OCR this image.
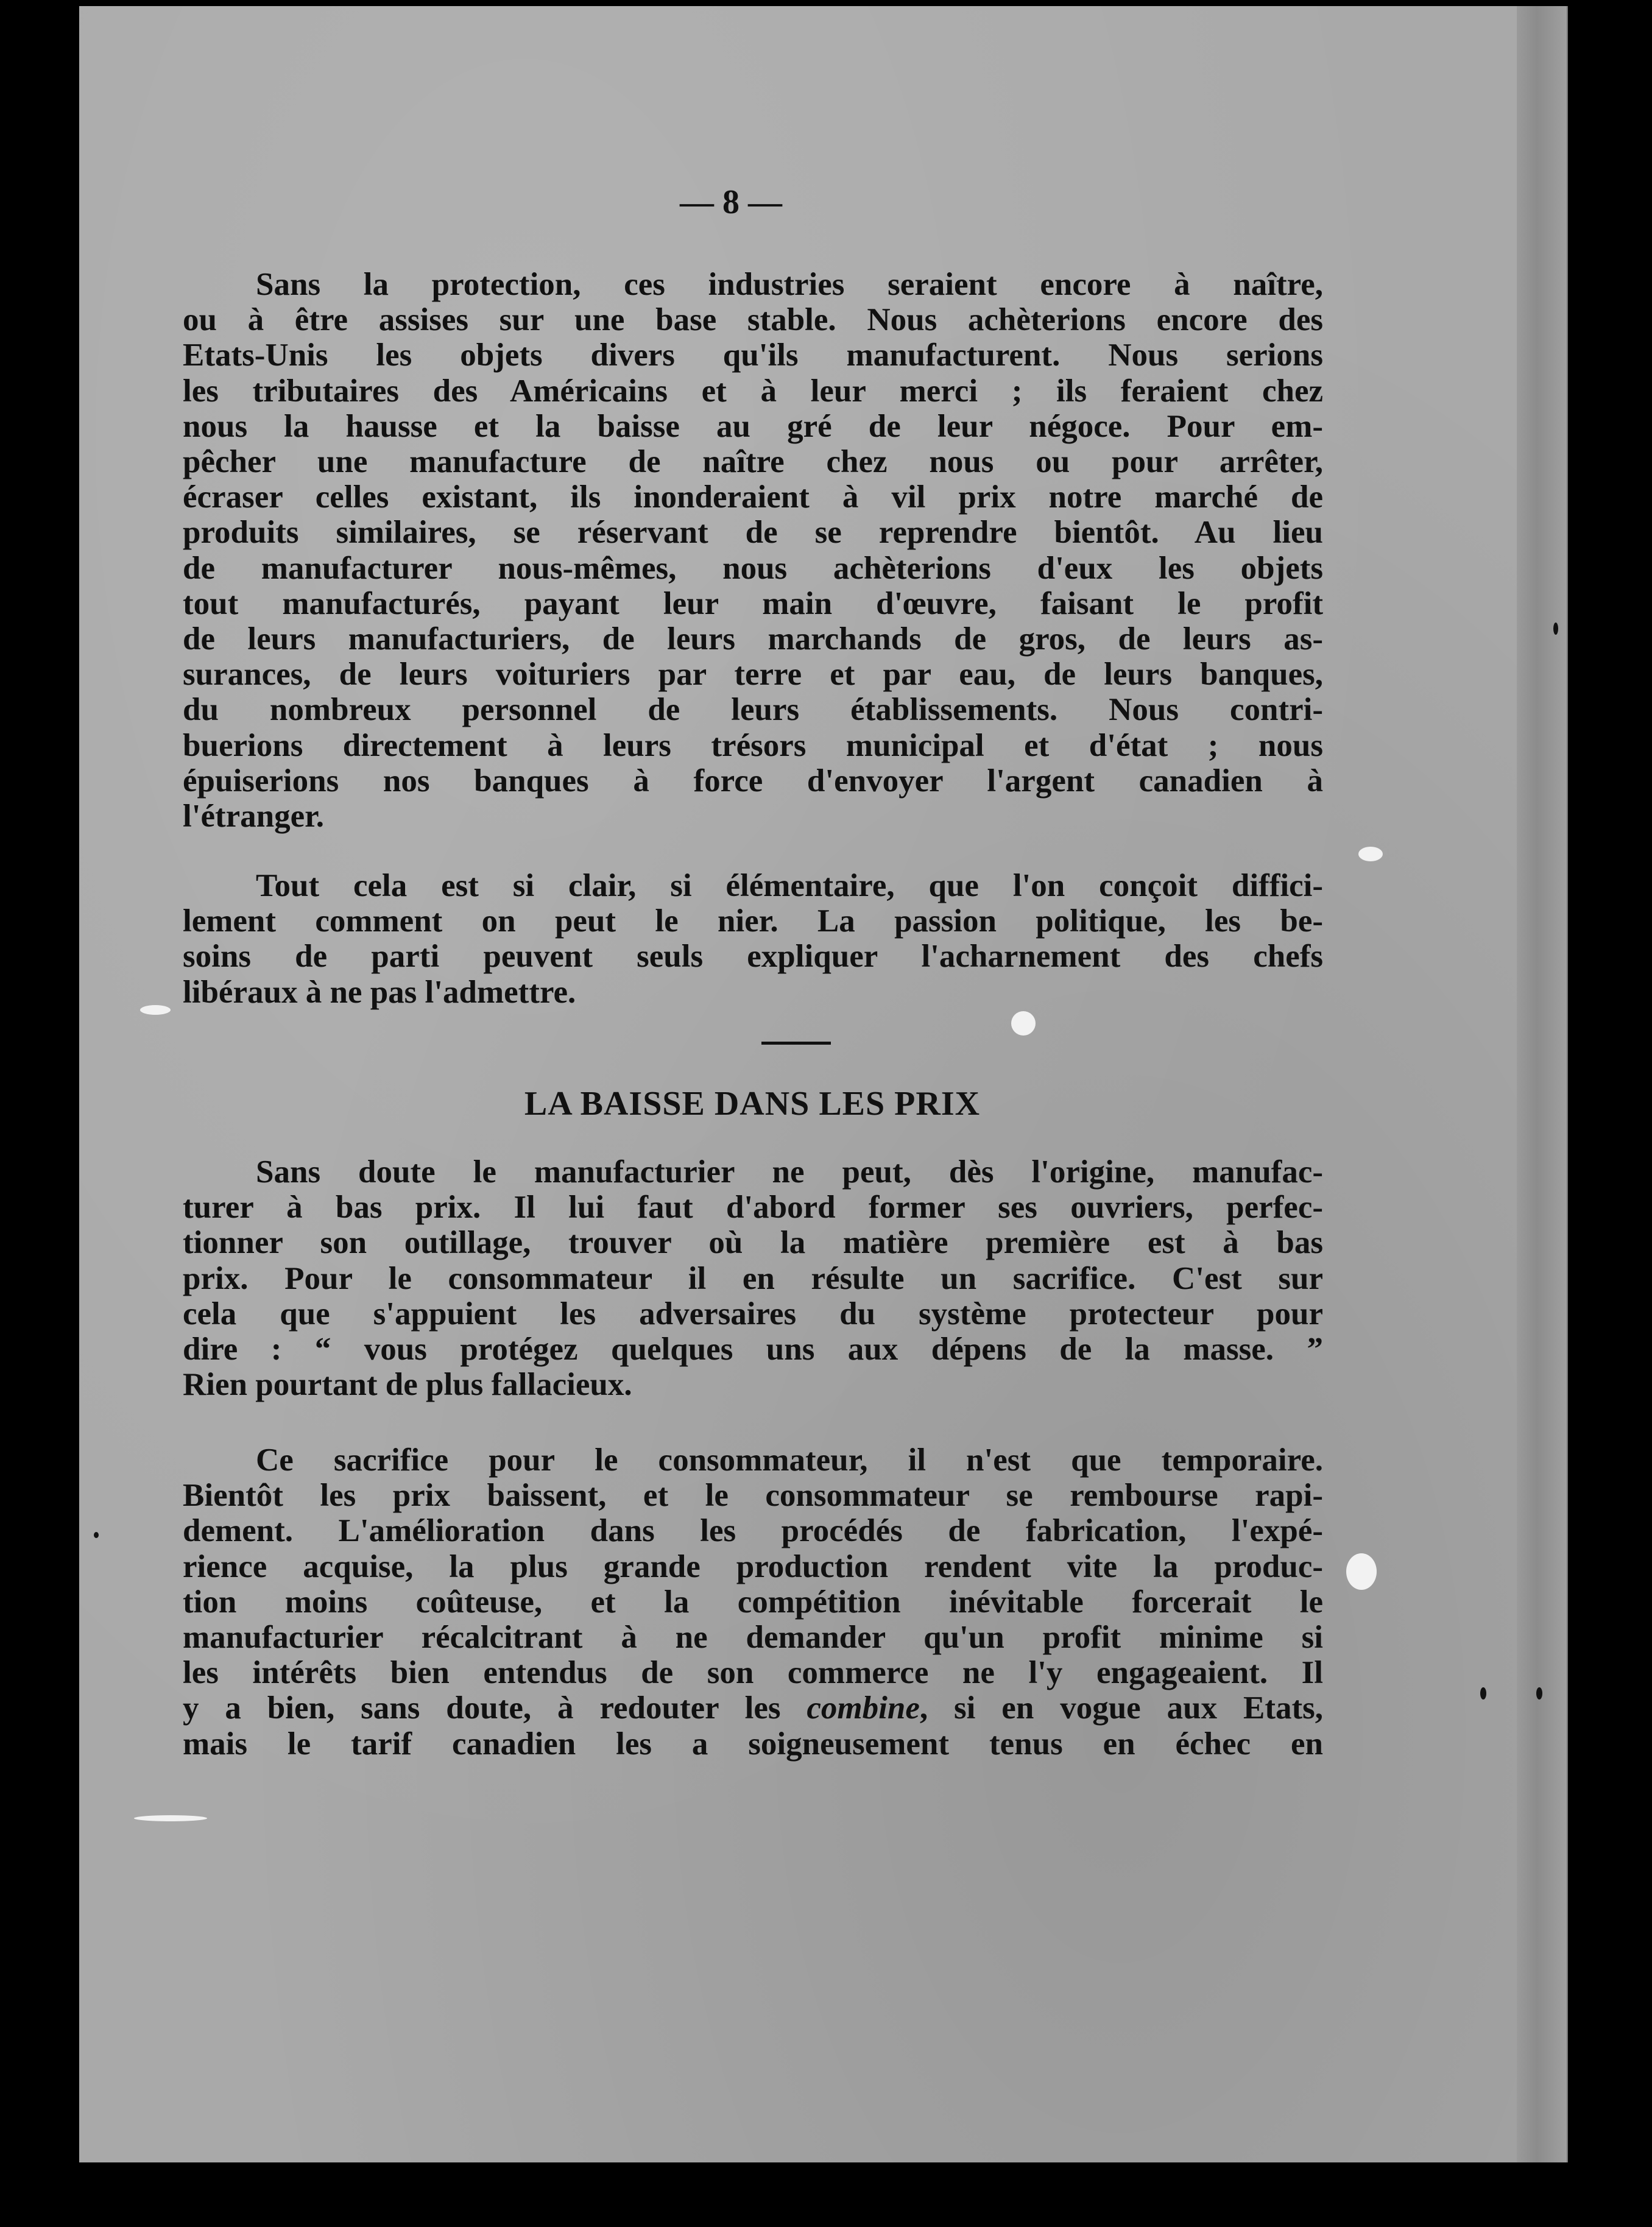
— 8 —

Sans la protection, ces industries seraient encore à naître,
ou à être assises sur une base stable. Nous achèterions encore des
Etats-Unis les objets divers qu'ils manufacturent. Nous serions
les tributaires des Américains et à leur merci ; ils feraient chez
nous la hausse et la baisse au gré de leur négoce. Pour em-
pêcher une manufacture de naître chez nous ou pour arrêter,
écraser celles existant, ils inonderaient à vil prix notre marché de
produits similaires, se réservant de se reprendre bientôt. Au lieu
de manufacturer nous-mêmes, nous achèterions d'eux les objets
tout manufacturés, payant leur main d'œuvre, faisant le profit
de leurs manufacturiers, de leurs marchands de gros, de leurs as-
surances, de leurs voituriers par terre et par eau, de leurs banques,
du nombreux personnel de leurs établissements. Nous contri-
buerions directement à leurs trésors municipal et d'état ; nous
épuiserions nos banques à force d'envoyer l'argent canadien à
l'étranger.

Tout cela est si clair, si élémentaire, que l'on conçoit diffici-
lement comment on peut le nier. La passion politique, les be-
soins de parti peuvent seuls expliquer l'acharnement des chefs
libéraux à ne pas l'admettre.

LA BAISSE DANS LES PRIX

Sans doute le manufacturier ne peut, dès l'origine, manufac-
turer à bas prix. Il lui faut d'abord former ses ouvriers, perfec-
tionner son outillage, trouver où la matière première est à bas
prix. Pour le consommateur il en résulte un sacrifice. C'est sur
cela que s'appuient les adversaires du système protecteur pour
dire : “ vous protégez quelques uns aux dépens de la masse. ”
Rien pourtant de plus fallacieux.

Ce sacrifice pour le consommateur, il n'est que temporaire.
Bientôt les prix baissent, et le consommateur se rembourse rapi-
dement. L'amélioration dans les procédés de fabrication, l'expé-
rience acquise, la plus grande production rendent vite la produc-
tion moins coûteuse, et la compétition inévitable forcerait le
manufacturier récalcitrant à ne demander qu'un profit minime si
les intérêts bien entendus de son commerce ne l'y engageaient. Il
y a bien, sans doute, à redouter les combine, si en vogue aux Etats,
mais le tarif canadien les a soigneusement tenus en échec en
